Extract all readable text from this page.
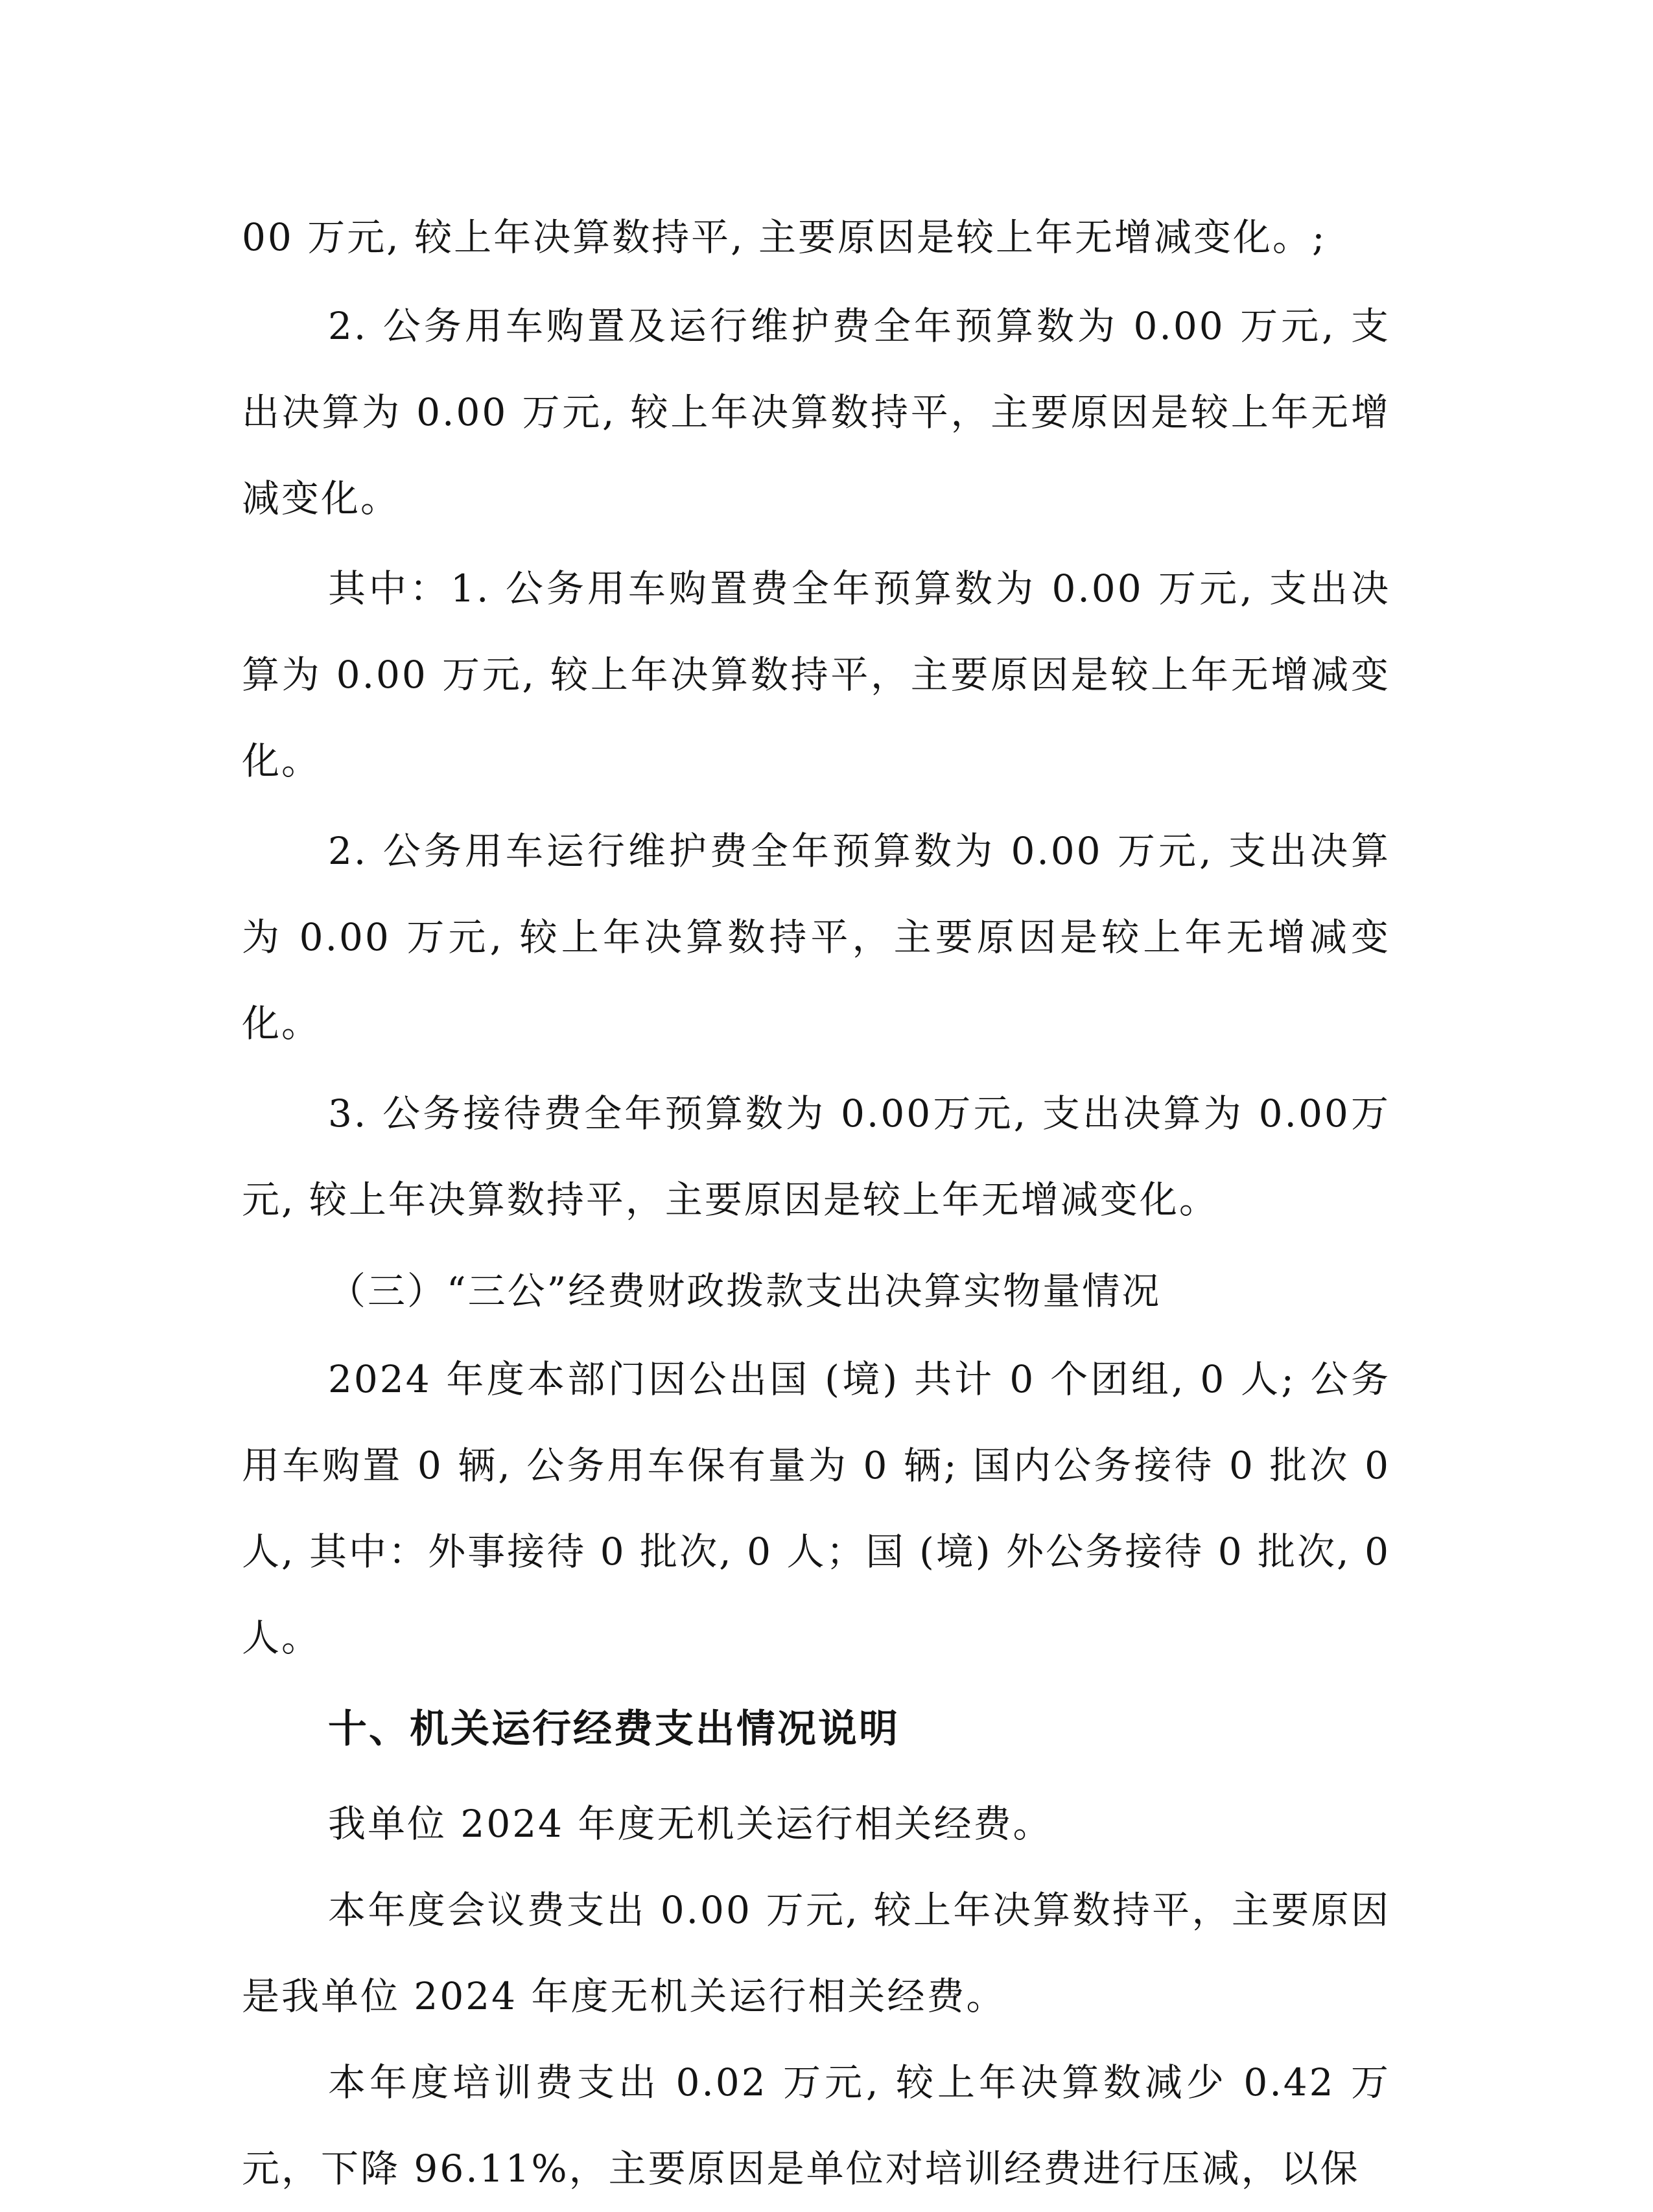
00 万元, 较上年决算数持平, 主要原因是较上年无增减变化。;

2. 公务用车购置及运行维护费全年预算数为 0.00 万元, 支出决算为 0.00 万元, 较上年决算数持平，主要原因是较上年无增减变化。

其中：1. 公务用车购置费全年预算数为 0.00 万元, 支出决算为 0.00 万元, 较上年决算数持平，主要原因是较上年无增减变化。

2. 公务用车运行维护费全年预算数为 0.00 万元, 支出决算为 0.00 万元, 较上年决算数持平，主要原因是较上年无增减变化。

3. 公务接待费全年预算数为 0.00万元, 支出决算为 0.00万元, 较上年决算数持平，主要原因是较上年无增减变化。

（三）“三公”经费财政拨款支出决算实物量情况

2024 年度本部门因公出国 (境) 共计 0 个团组, 0 人; 公务用车购置 0 辆, 公务用车保有量为 0 辆; 国内公务接待 0 批次 0 人, 其中：外事接待 0 批次, 0 人；国 (境) 外公务接待 0 批次, 0 人。

十、机关运行经费支出情况说明

我单位 2024 年度无机关运行相关经费。

本年度会议费支出 0.00 万元, 较上年决算数持平，主要原因是我单位 2024 年度无机关运行相关经费。

本年度培训费支出 0.02 万元, 较上年决算数减少 0.42 万元，下降 96.11%，主要原因是单位对培训经费进行压减，以保
